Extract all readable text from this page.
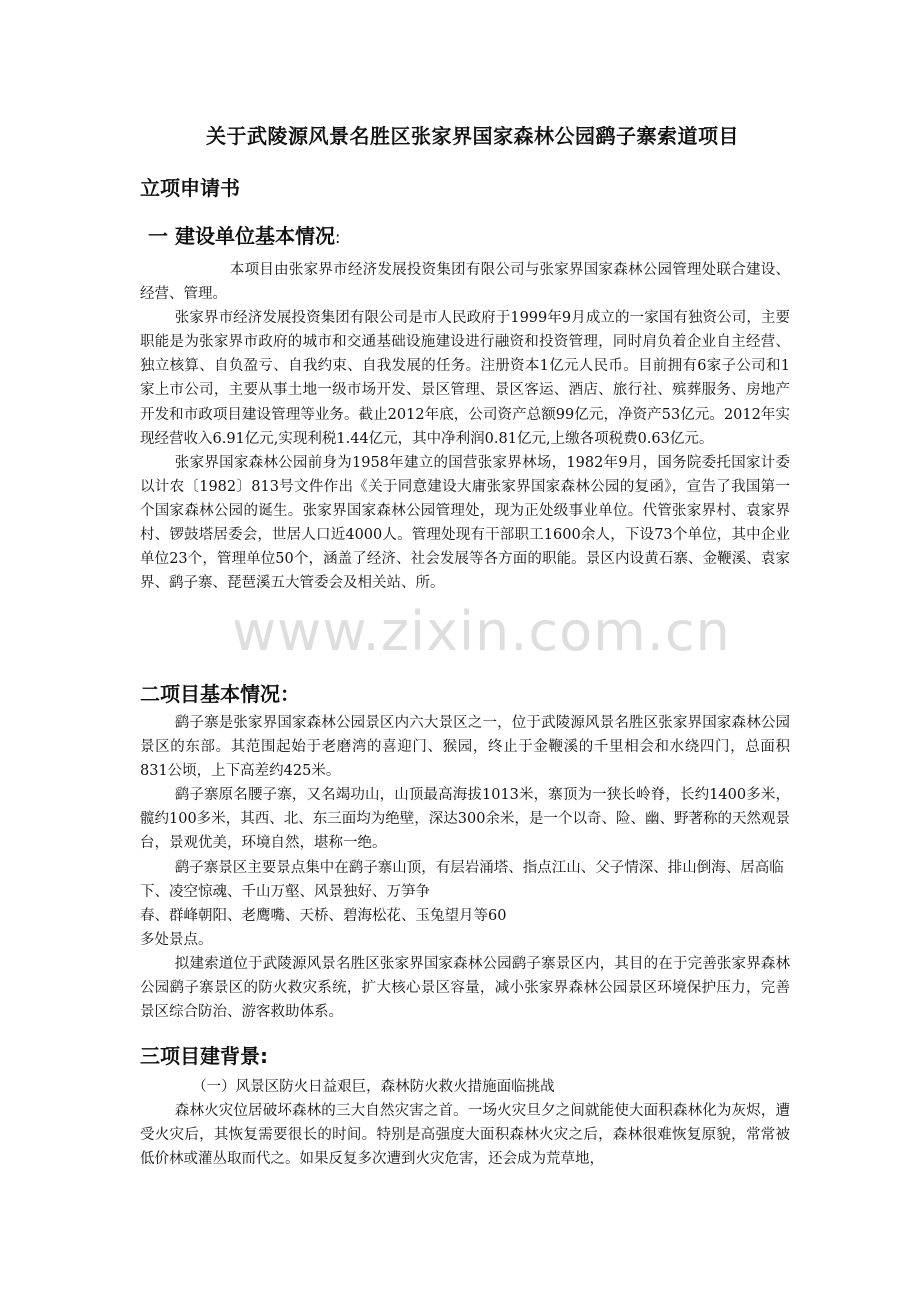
关于武陵源风景名胜区张家界国家森林公园鹞子寨索道项目
立项申请书
一 建设单位基本情况:

本项目由张家界市经济发展投资集团有限公司与张家界国家森林公园管理处联合建设、经营、管理。

张家界市经济发展投资集团有限公司是市人民政府于1999年9月成立的一家国有独资公司，主要职能是为张家界市政府的城市和交通基础设施建设进行融资和投资管理，同时肩负着企业自主经营、独立核算、自负盈亏、自我约束、自我发展的任务。注册资本1亿元人民币。目前拥有6家子公司和1家上市公司，主要从事土地一级市场开发、景区管理、景区客运、酒店、旅行社、殡葬服务、房地产开发和市政项目建设管理等业务。截止2012年底，公司资产总额99亿元，净资产53亿元。2012年实现经营收入6.91亿元,实现利税1.44亿元，其中净利润0.81亿元,上缴各项税费0.63亿元。

张家界国家森林公园前身为1958年建立的国营张家界林场，1982年9月，国务院委托国家计委以计农〔1982〕813号文件作出《关于同意建设大庸张家界国家森林公园的复函》，宣告了我国第一个国家森林公园的诞生。张家界国家森林公园管理处，现为正处级事业单位。代管张家界村、袁家界村、锣鼓塔居委会，世居人口近4000人。管理处现有干部职工1600余人，下设73个单位，其中企业单位23个，管理单位50个，涵盖了经济、社会发展等各方面的职能。景区内设黄石寨、金鞭溪、袁家界、鹞子寨、琵琶溪五大管委会及相关站、所。

www.zixin.com.cn
二项目基本情况：

鹞子寨是张家界国家森林公园景区内六大景区之一，位于武陵源风景名胜区张家界国家森林公园景区的东部。其范围起始于老磨湾的喜迎门、猴园，终止于金鞭溪的千里相会和水绕四门，总面积831公顷，上下高差约425米。

鹞子寨原名腰子寨，又名竭功山，山顶最高海拔1013米，寨顶为一狭长岭脊，长约1400多米，髋约100多米，其西、北、东三面均为绝壁，深达300余米，是一个以奇、险、幽、野著称的天然观景台，景观优美，环境自然，堪称一绝。

鹞子寨景区主要景点集中在鹞子寨山顶，有层岩涌塔、指点江山、父子情深、排山倒海、居高临下、凌空惊魂、千山万壑、风景独好、万笋争

春、群峰朝阳、老鹰嘴、天桥、碧海松花、玉兔望月等60

多处景点。

拟建索道位于武陵源风景名胜区张家界国家森林公园鹞子寨景区内，其目的在于完善张家界森林公园鹞子寨景区的防火救灾系统，扩大核心景区容量，减小张家界森林公园景区环境保护压力，完善景区综合防治、游客救助体系。

三项目建背景:

（一）风景区防火日益艰巨，森林防火救火措施面临挑战

森林火灾位居破坏森林的三大自然灾害之首。一场火灾旦夕之间就能使大面积森林化为灰烬，遭受火灾后，其恢复需要很长的时间。特别是高强度大面积森林火灾之后，森林很难恢复原貌，常常被低价林或灌丛取而代之。如果反复多次遭到火灾危害，还会成为荒草地，
